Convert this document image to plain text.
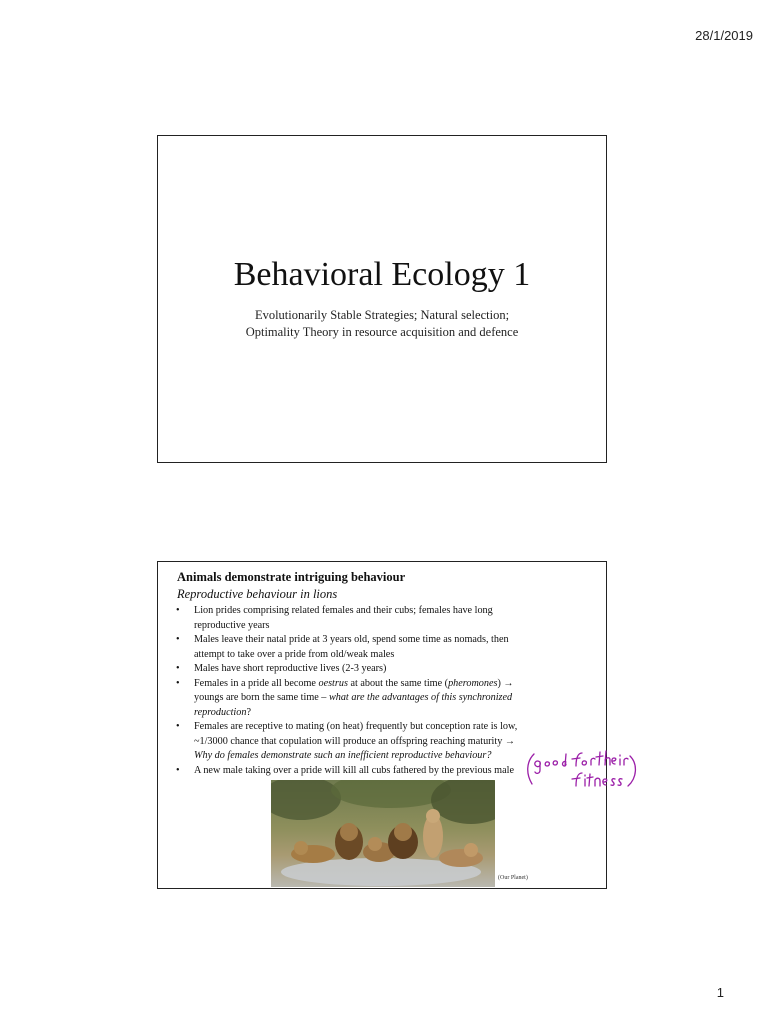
28/1/2019
Behavioral Ecology 1
Evolutionarily Stable Strategies; Natural selection;
Optimality Theory in resource acquisition and defence
Animals demonstrate intriguing behaviour
Reproductive behaviour in lions
• Lion prides comprising related females and their cubs; females have long
reproductive years
• Males leave their natal pride at 3 years old, spend some time as nomads, then
attempt to take over a pride from old/weak males
• Males have short reproductive lives (2-3 years)
• Females in a pride all become oestrus at about the same time (pheromones) →
youngs are born the same time – what are the advantages of this synchronized
reproduction?
• Females are receptive to mating (on heat) frequently but conception rate is low,
~1/3000 chance that copulation will produce an offspring reaching maturity →
Why do females demonstrate such an inefficient reproductive behaviour?
• A new male taking over a pride will kill all cubs fathered by the previous male
(Our Planet)
1
